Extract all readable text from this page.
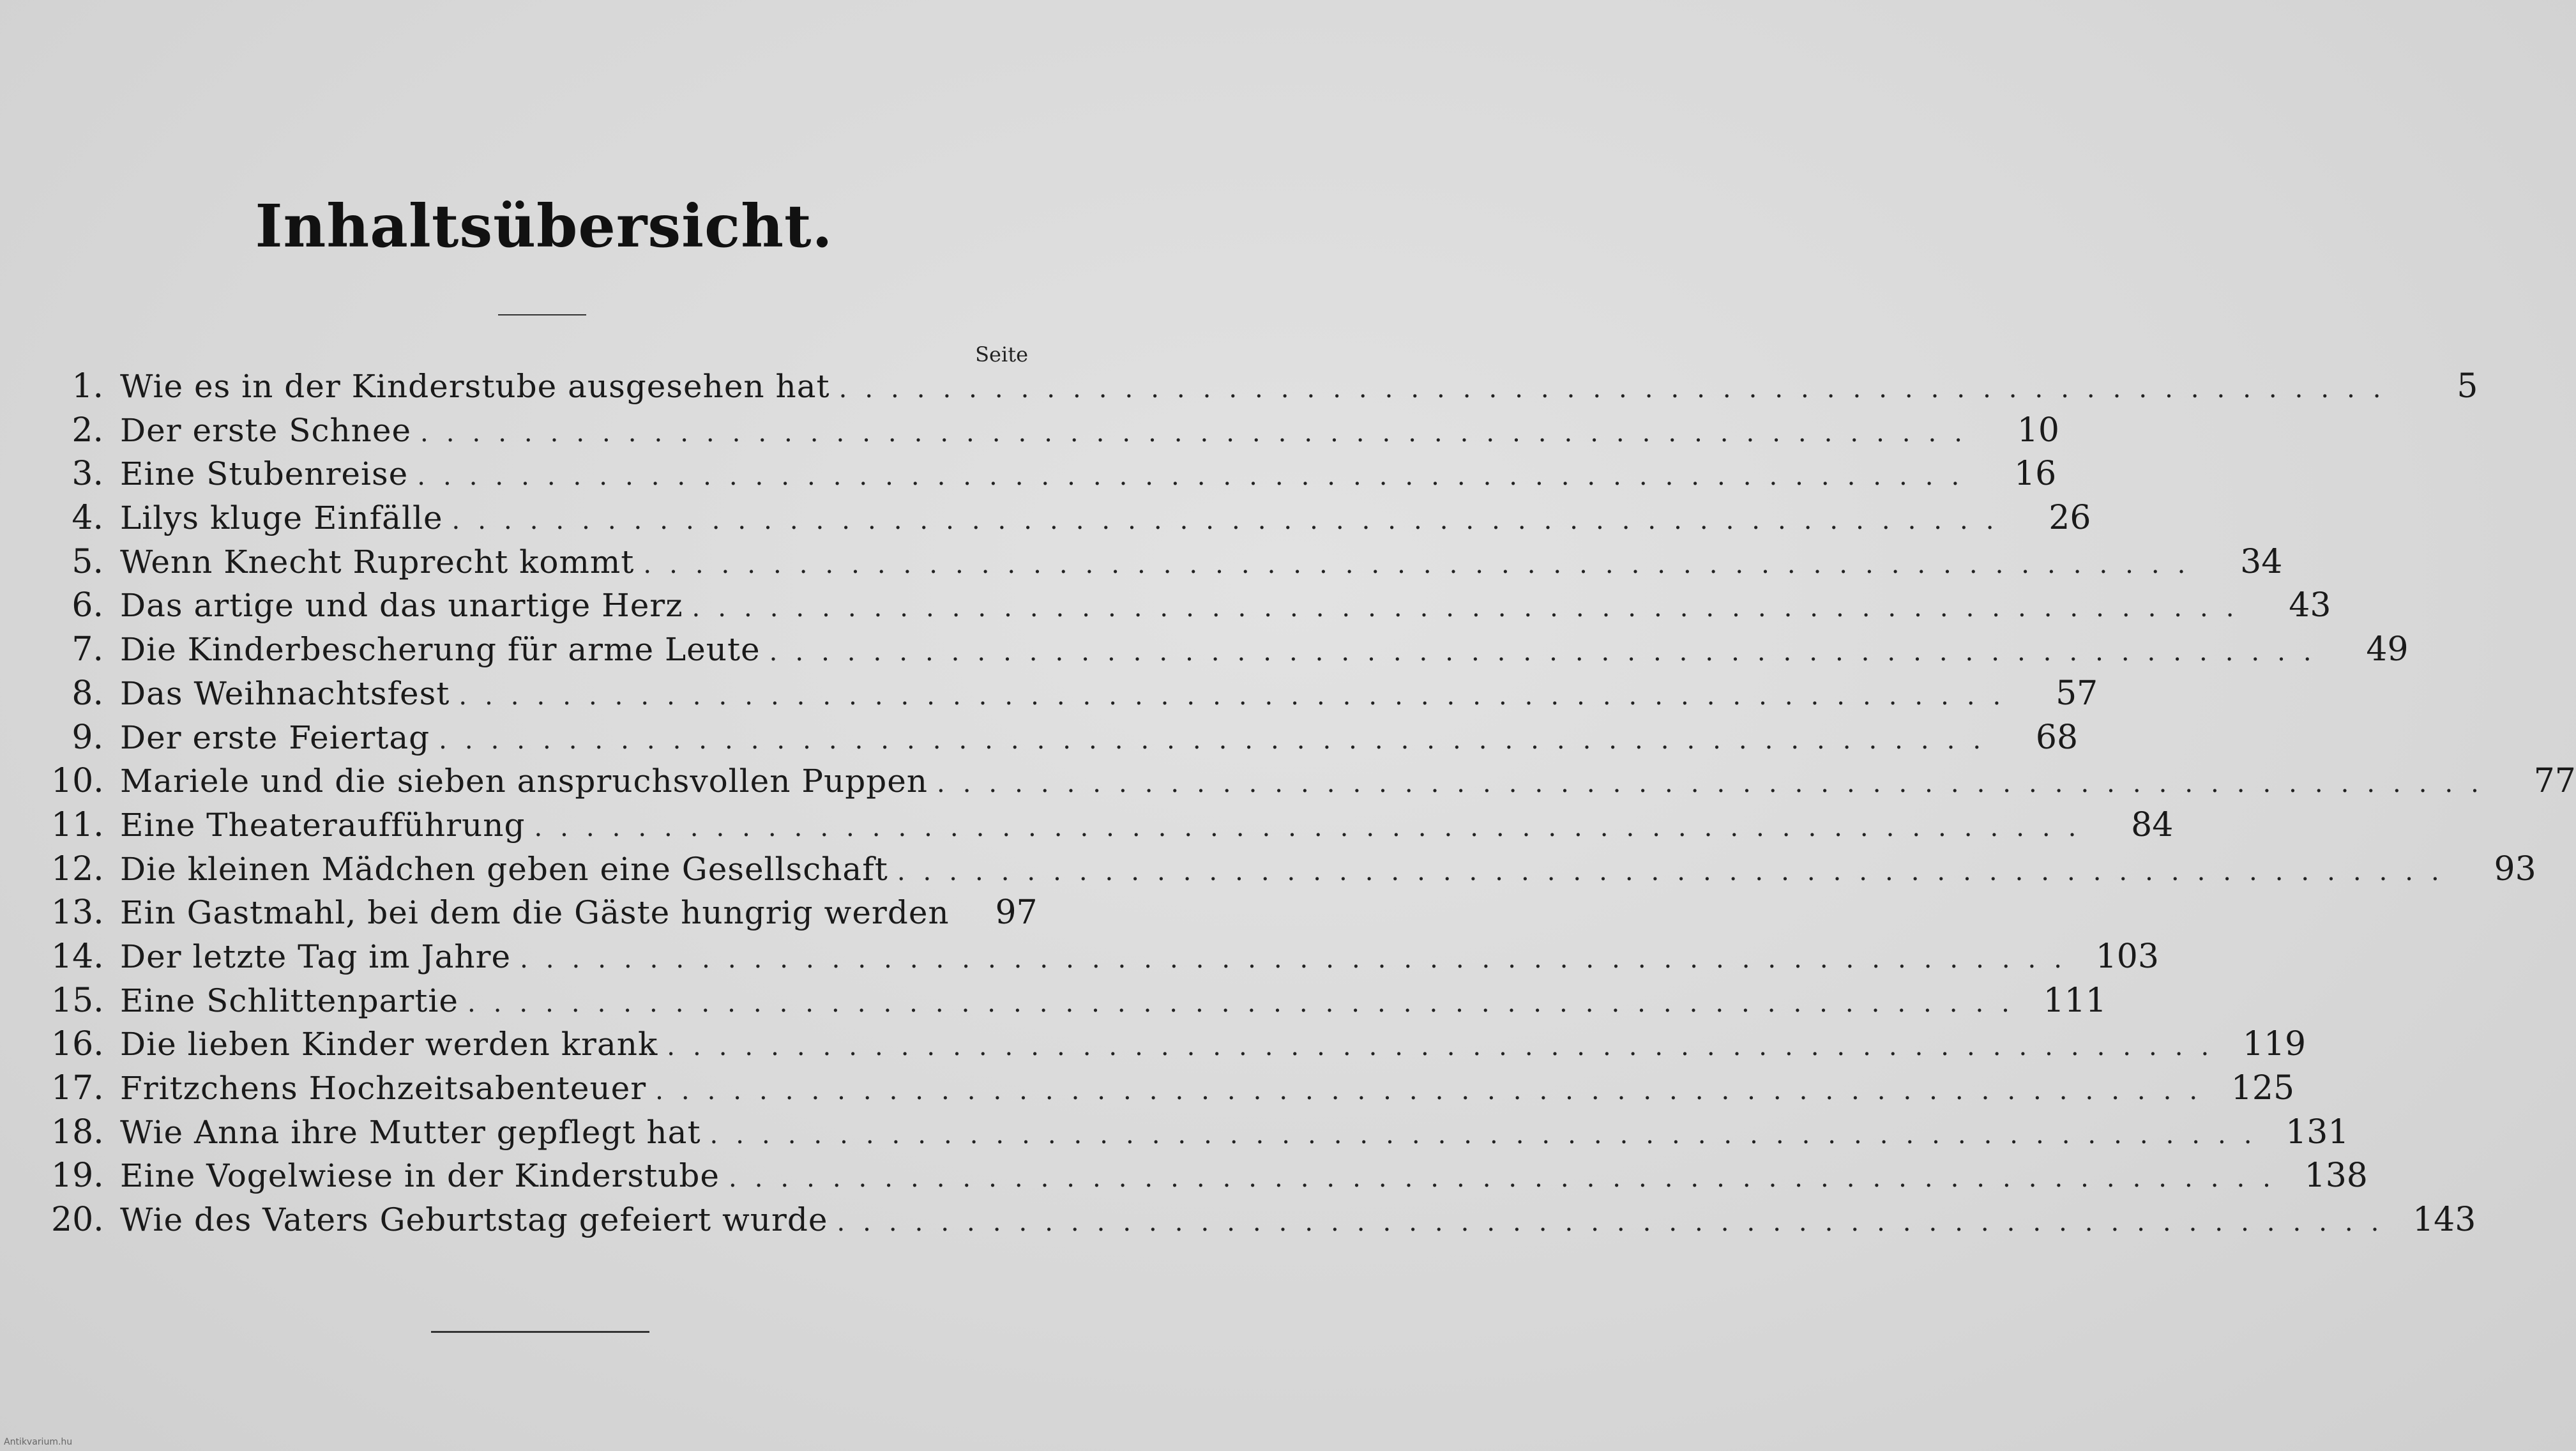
Inhaltsübersicht.
Seite
1. Wie es in der Kinderstube ausgesehen hat ............................................................	5
2. Der erste Schnee ............................................................	10
3. Eine Stubenreise ............................................................	16
4. Lilys kluge Einfälle ............................................................	26
5. Wenn Knecht Ruprecht kommt ............................................................	34
6. Das artige und das unartige Herz ............................................................	43
7. Die Kinderbescherung für arme Leute ............................................................	49
8. Das Weihnachtsfest ............................................................	57
9. Der erste Feiertag ............................................................	68
10. Mariele und die sieben anspruchsvollen Puppen ............................................................	77
11. Eine Theateraufführung ............................................................	84
12. Die kleinen Mädchen geben eine Gesellschaft ............................................................	93
13. Ein Gastmahl, bei dem die Gäste hungrig werden	97
14. Der letzte Tag im Jahre ............................................................ 103
15. Eine Schlittenpartie ............................................................ 111
16. Die lieben Kinder werden krank ............................................................ 119
17. Fritzchens Hochzeitsabenteuer ............................................................ 125
18. Wie Anna ihre Mutter gepflegt hat ............................................................ 131
19. Eine Vogelwiese in der Kinderstube ............................................................ 138
20. Wie des Vaters Geburtstag gefeiert wurde ............................................................ 143
Antikvarium.hu
